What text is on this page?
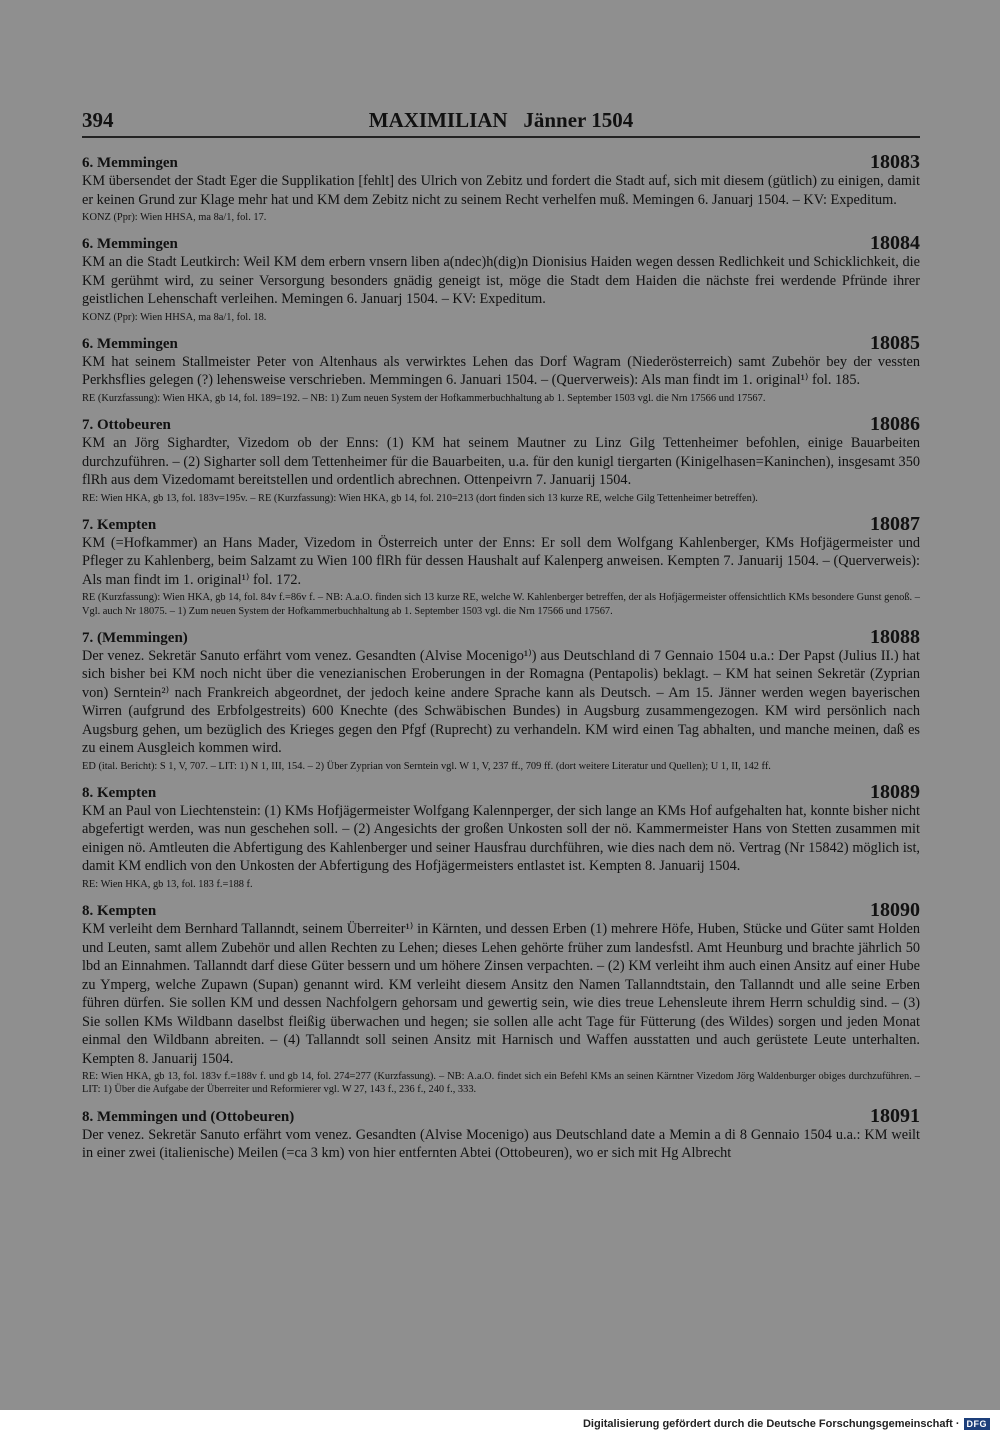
394	MAXIMILIAN   Jänner 1504
6. Memmingen	18083

KM übersendet der Stadt Eger die Supplikation [fehlt] des Ulrich von Zebitz und fordert die Stadt auf, sich mit diesem (gütlich) zu einigen, damit er keinen Grund zur Klage mehr hat und KM dem Zebitz nicht zu seinem Recht verhelfen muß. Memingen 6. Januarj 1504. – KV: Expeditum.

KONZ (Ppr): Wien HHSA, ma 8a/1, fol. 17.

6. Memmingen	18084

KM an die Stadt Leutkirch: Weil KM dem erbern vnsern liben a(ndec)h(dig)n Dionisius Haiden wegen dessen Redlichkeit und Schicklichkeit, die KM gerühmt wird, zu seiner Versorgung besonders gnädig geneigt ist, möge die Stadt dem Haiden die nächste frei werdende Pfründe ihrer geistlichen Lehenschaft verleihen. Memingen 6. Januarj 1504. – KV: Expeditum.

KONZ (Ppr): Wien HHSA, ma 8a/1, fol. 18.

6. Memmingen	18085

KM hat seinem Stallmeister Peter von Altenhaus als verwirktes Lehen das Dorf Wagram (Niederösterreich) samt Zubehör bey der vessten Perkhsflies gelegen (?) lehensweise verschrieben. Memmingen 6. Januari 1504. – (Querverweis): Als man findt im 1. original¹⁾ fol. 185.

RE (Kurzfassung): Wien HKA, gb 14, fol. 189=192. – NB: 1) Zum neuen System der Hofkammerbuchhaltung ab 1. September 1503 vgl. die Nrn 17566 und 17567.

7. Ottobeuren	18086

KM an Jörg Sighardter, Vizedom ob der Enns: (1) KM hat seinem Mautner zu Linz Gilg Tettenheimer befohlen, einige Bauarbeiten durchzuführen. – (2) Sigharter soll dem Tettenheimer für die Bauarbeiten, u.a. für den kunigl tiergarten (Kinigelhasen=Kaninchen), insgesamt 350 flRh aus dem Vizedomamt bereitstellen und ordentlich abrechnen. Ottenpeivrn 7. Januarij 1504.

RE: Wien HKA, gb 13, fol. 183v=195v. – RE (Kurzfassung): Wien HKA, gb 14, fol. 210=213 (dort finden sich 13 kurze RE, welche Gilg Tettenheimer betreffen).

7. Kempten	18087

KM (=Hofkammer) an Hans Mader, Vizedom in Österreich unter der Enns: Er soll dem Wolfgang Kahlenberger, KMs Hofjägermeister und Pfleger zu Kahlenberg, beim Salzamt zu Wien 100 flRh für dessen Haushalt auf Kalenperg anweisen. Kempten 7. Januarij 1504. – (Querverweis): Als man findt im 1. original¹⁾ fol. 172.

RE (Kurzfassung): Wien HKA, gb 14, fol. 84v f.=86v f. – NB: A.a.O. finden sich 13 kurze RE, welche W. Kahlenberger betreffen, der als Hofjägermeister offensichtlich KMs besondere Gunst genoß. – Vgl. auch Nr 18075. – 1) Zum neuen System der Hofkammerbuchhaltung ab 1. September 1503 vgl. die Nrn 17566 und 17567.

7. (Memmingen)	18088

Der venez. Sekretär Sanuto erfährt vom venez. Gesandten (Alvise Mocenigo¹⁾) aus Deutschland di 7 Gennaio 1504 u.a.: Der Papst (Julius II.) hat sich bisher bei KM noch nicht über die venezianischen Eroberungen in der Romagna (Pentapolis) beklagt. – KM hat seinen Sekretär (Zyprian von) Serntein²⁾ nach Frankreich abgeordnet, der jedoch keine andere Sprache kann als Deutsch. – Am 15. Jänner werden wegen bayerischen Wirren (aufgrund des Erbfolgestreits) 600 Knechte (des Schwäbischen Bundes) in Augsburg zusammengezogen. KM wird persönlich nach Augsburg gehen, um bezüglich des Krieges gegen den Pfgf (Ruprecht) zu verhandeln. KM wird einen Tag abhalten, und manche meinen, daß es zu einem Ausgleich kommen wird.

ED (ital. Bericht): S 1, V, 707. – LIT: 1) N 1, III, 154. – 2) Über Zyprian von Serntein vgl. W 1, V, 237 ff., 709 ff. (dort weitere Literatur und Quellen); U 1, II, 142 ff.

8. Kempten	18089

KM an Paul von Liechtenstein: (1) KMs Hofjägermeister Wolfgang Kalennperger, der sich lange an KMs Hof aufgehalten hat, konnte bisher nicht abgefertigt werden, was nun geschehen soll. – (2) Angesichts der großen Unkosten soll der nö. Kammermeister Hans von Stetten zusammen mit einigen nö. Amtleuten die Abfertigung des Kahlenberger und seiner Hausfrau durchführen, wie dies nach dem nö. Vertrag (Nr 15842) möglich ist, damit KM endlich von den Unkosten der Abfertigung des Hofjägermeisters entlastet ist. Kempten 8. Januarij 1504.

RE: Wien HKA, gb 13, fol. 183 f.=188 f.

8. Kempten	18090

KM verleiht dem Bernhard Tallanndt, seinem Überreiter¹⁾ in Kärnten, und dessen Erben (1) mehrere Höfe, Huben, Stücke und Güter samt Holden und Leuten, samt allem Zubehör und allen Rechten zu Lehen; dieses Lehen gehörte früher zum landesfstl. Amt Heunburg und brachte jährlich 50 lbd an Einnahmen. Tallanndt darf diese Güter bessern und um höhere Zinsen verpachten. – (2) KM verleiht ihm auch einen Ansitz auf einer Hube zu Ymperg, welche Zupawn (Supan) genannt wird. KM verleiht diesem Ansitz den Namen Tallanndtstain, den Tallanndt und alle seine Erben führen dürfen. Sie sollen KM und dessen Nachfolgern gehorsam und gewertig sein, wie dies treue Lehensleute ihrem Herrn schuldig sind. – (3) Sie sollen KMs Wildbann daselbst fleißig überwachen und hegen; sie sollen alle acht Tage für Fütterung (des Wildes) sorgen und jeden Monat einmal den Wildbann abreiten. – (4) Tallanndt soll seinen Ansitz mit Harnisch und Waffen ausstatten und auch gerüstete Leute unterhalten. Kempten 8. Januarij 1504.

RE: Wien HKA, gb 13, fol. 183v f.=188v f. und gb 14, fol. 274=277 (Kurzfassung). – NB: A.a.O. findet sich ein Befehl KMs an seinen Kärntner Vizedom Jörg Waldenburger obiges durchzuführen. – LIT: 1) Über die Aufgabe der Überreiter und Reformierer vgl. W 27, 143 f., 236 f., 240 f., 333.

8. Memmingen und (Ottobeuren)	18091

Der venez. Sekretär Sanuto erfährt vom venez. Gesandten (Alvise Mocenigo) aus Deutschland date a Memin a di 8 Gennaio 1504 u.a.: KM weilt in einer zwei (italienische) Meilen (=ca 3 km) von hier entfernten Abtei (Ottobeuren), wo er sich mit Hg Albrecht

Digitalisierung gefördert durch die Deutsche Forschungsgemeinschaft · DFG
